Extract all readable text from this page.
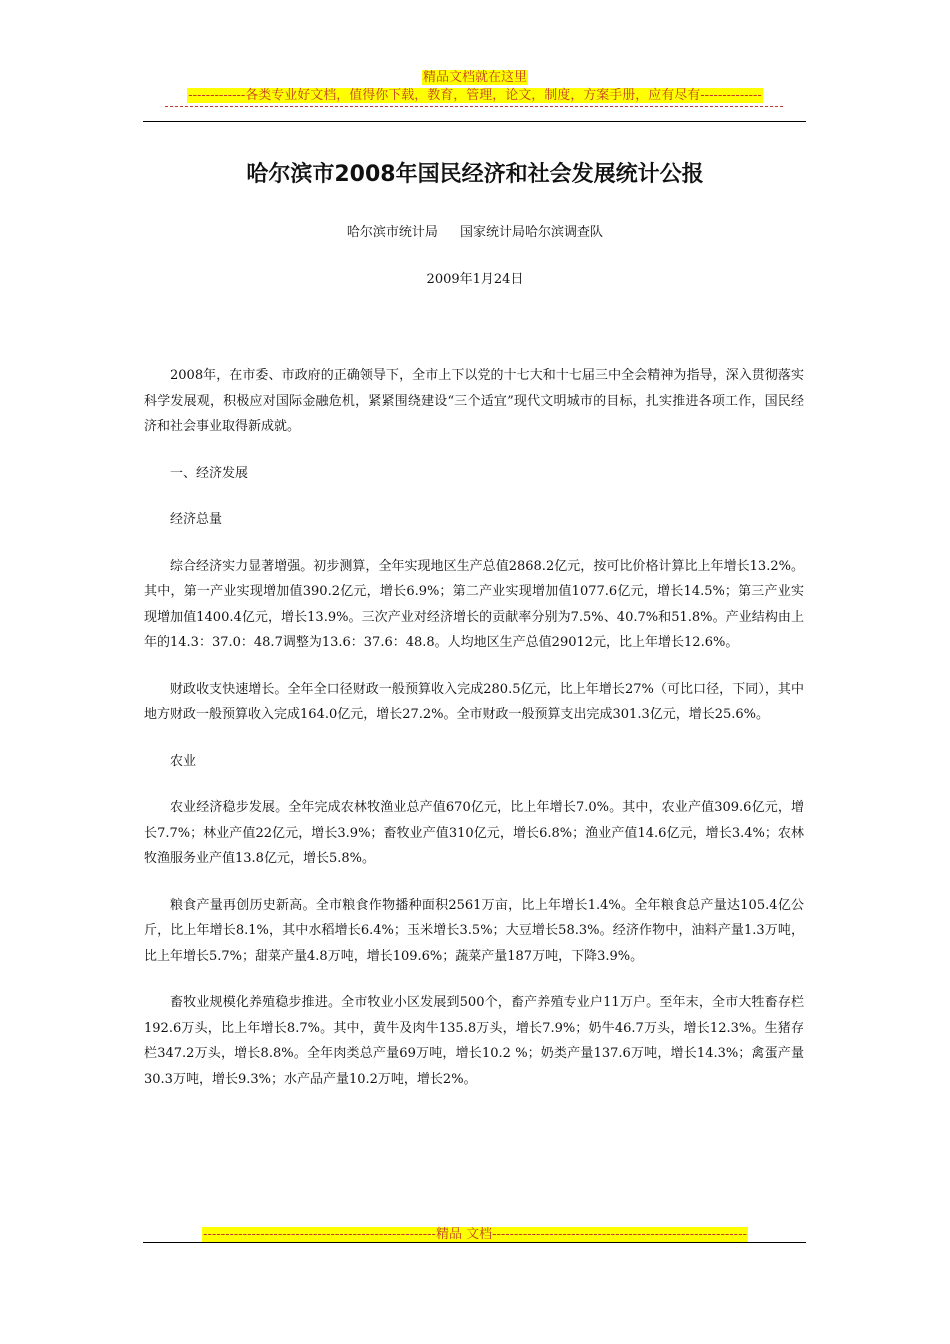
精品文档就在这里
-------------各类专业好文档，值得你下载，教育，管理，论文，制度，方案手册，应有尽有--------------
哈尔滨市2008年国民经济和社会发展统计公报
哈尔滨市统计局 国家统计局哈尔滨调查队
2009年1月24日

2008年，在市委、市政府的正确领导下，全市上下以党的十七大和十七届三中全会精神为指导，深入贯彻落实科学发展观，积极应对国际金融危机，紧紧围绕建设“三个适宜”现代文明城市的目标，扎实推进各项工作，国民经济和社会事业取得新成就。

一、经济发展

经济总量

综合经济实力显著增强。初步测算，全年实现地区生产总值2868.2亿元，按可比价格计算比上年增长13.2%。其中，第一产业实现增加值390.2亿元，增长6.9%；第二产业实现增加值1077.6亿元，增长14.5%；第三产业实现增加值1400.4亿元，增长13.9%。三次产业对经济增长的贡献率分别为7.5%、40.7%和51.8%。产业结构由上年的14.3：37.0：48.7调整为13.6：37.6：48.8。人均地区生产总值29012元，比上年增长12.6%。

财政收支快速增长。全年全口径财政一般预算收入完成280.5亿元，比上年增长27%（可比口径，下同），其中地方财政一般预算收入完成164.0亿元，增长27.2%。全市财政一般预算支出完成301.3亿元，增长25.6%。

农业

农业经济稳步发展。全年完成农林牧渔业总产值670亿元，比上年增长7.0%。其中，农业产值309.6亿元，增长7.7%；林业产值22亿元，增长3.9%；畜牧业产值310亿元，增长6.8%；渔业产值14.6亿元，增长3.4%；农林牧渔服务业产值13.8亿元，增长5.8%。

粮食产量再创历史新高。全市粮食作物播种面积2561万亩，比上年增长1.4%。全年粮食总产量达105.4亿公斤，比上年增长8.1%，其中水稻增长6.4%；玉米增长3.5%；大豆增长58.3%。经济作物中，油料产量1.3万吨，比上年增长5.7%；甜菜产量4.8万吨，增长109.6%；蔬菜产量187万吨，下降3.9%。

畜牧业规模化养殖稳步推进。全市牧业小区发展到500个，畜产养殖专业户11万户。至年末，全市大牲畜存栏192.6万头，比上年增长8.7%。其中，黄牛及肉牛135.8万头，增长7.9%；奶牛46.7万头，增长12.3%。生猪存栏347.2万头，增长8.8%。全年肉类总产量69万吨，增长10.2 %；奶类产量137.6万吨，增长14.3%；禽蛋产量30.3万吨，增长9.3%；水产品产量10.2万吨，增长2%。

-----------------------------------------------------精品 文档----------------------------------------------------------
